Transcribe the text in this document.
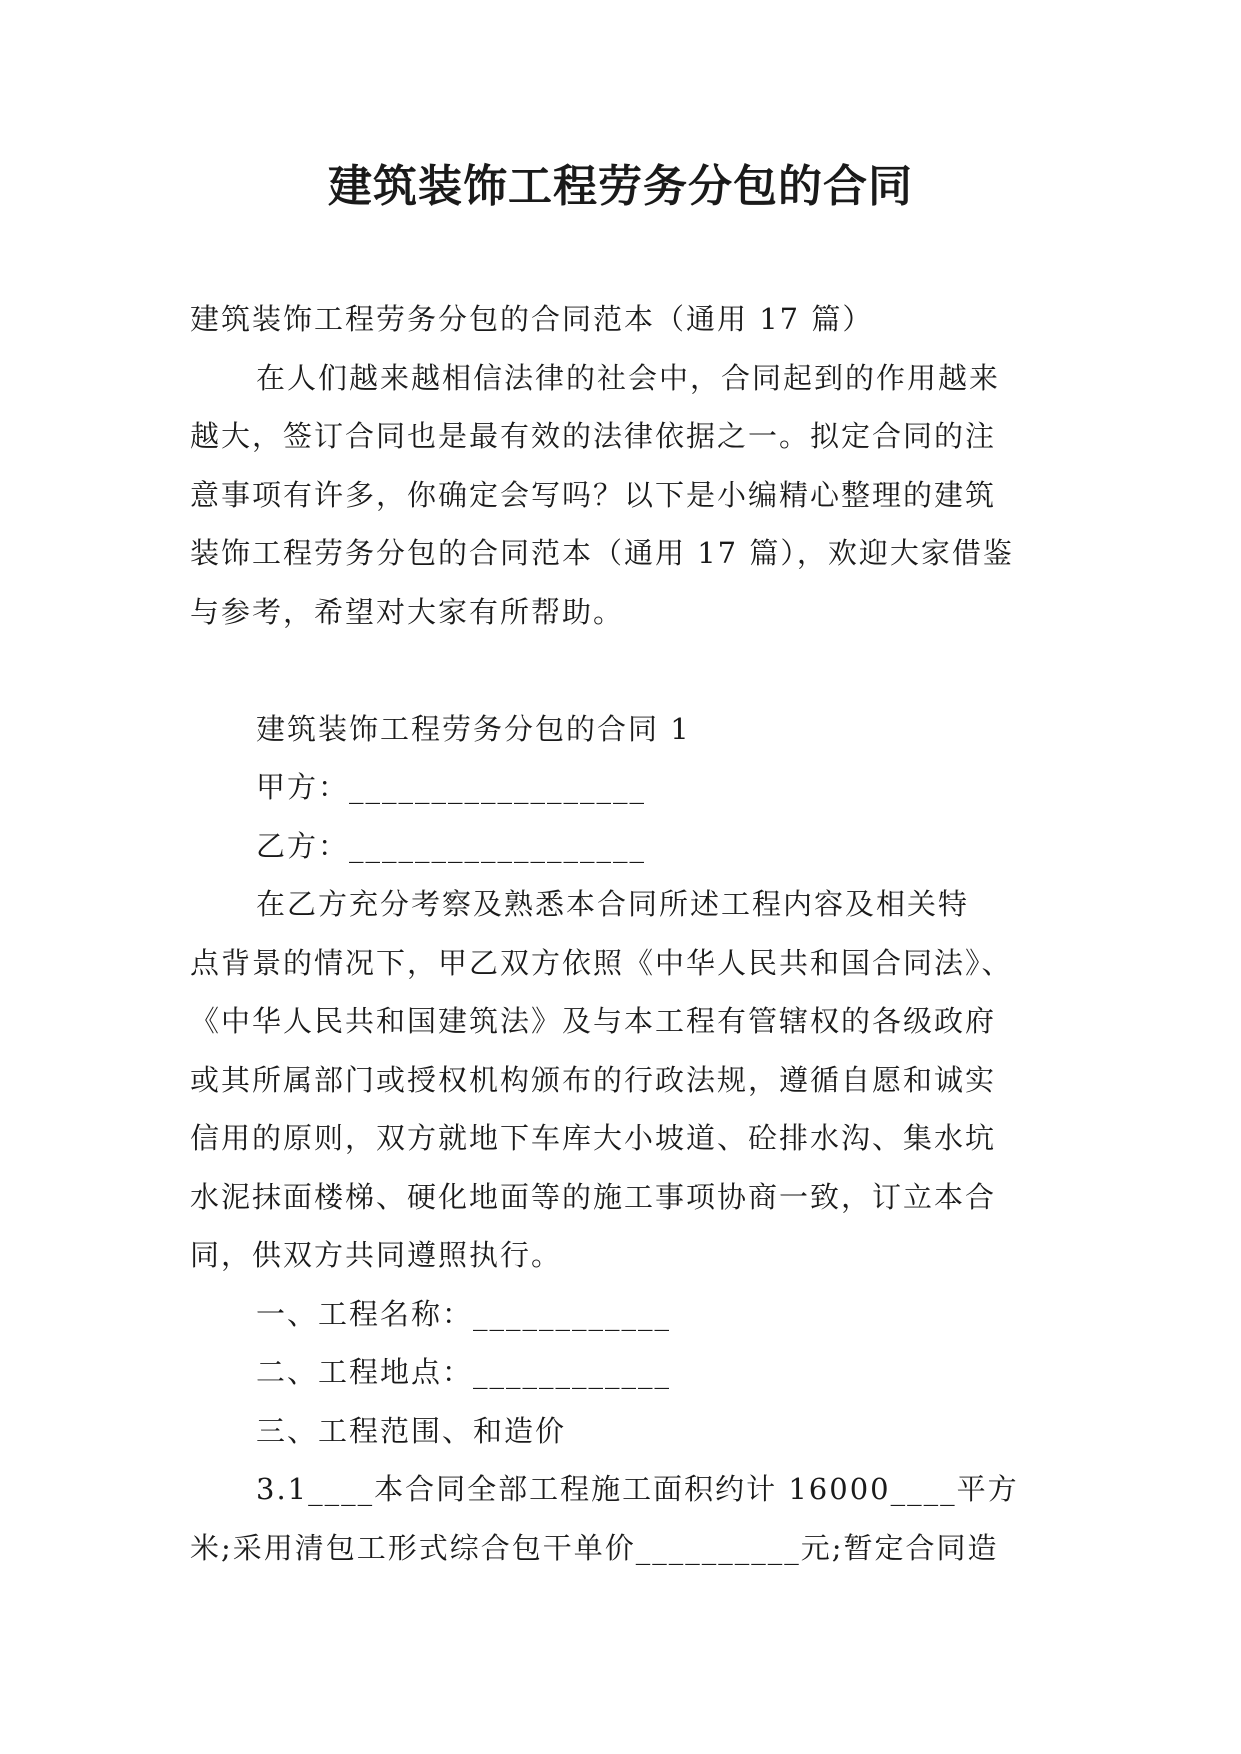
建筑装饰工程劳务分包的合同

建筑装饰工程劳务分包的合同范本（通用 17 篇）

在人们越来越相信法律的社会中，合同起到的作用越来
越大，签订合同也是最有效的法律依据之一。拟定合同的注
意事项有许多，你确定会写吗？以下是小编精心整理的建筑
装饰工程劳务分包的合同范本（通用 17 篇），欢迎大家借鉴
与参考，希望对大家有所帮助。

建筑装饰工程劳务分包的合同 1

甲方：__________________

乙方：__________________

在乙方充分考察及熟悉本合同所述工程内容及相关特
点背景的情况下，甲乙双方依照《中华人民共和国合同法》、
《中华人民共和国建筑法》及与本工程有管辖权的各级政府
或其所属部门或授权机构颁布的行政法规，遵循自愿和诚实
信用的原则，双方就地下车库大小坡道、砼排水沟、集水坑
水泥抹面楼梯、硬化地面等的施工事项协商一致，订立本合
同，供双方共同遵照执行。

一、工程名称：____________

二、工程地点：____________

三、工程范围、和造价

3.1____本合同全部工程施工面积约计 16000____平方
米;采用清包工形式综合包干单价__________元;暂定合同造
